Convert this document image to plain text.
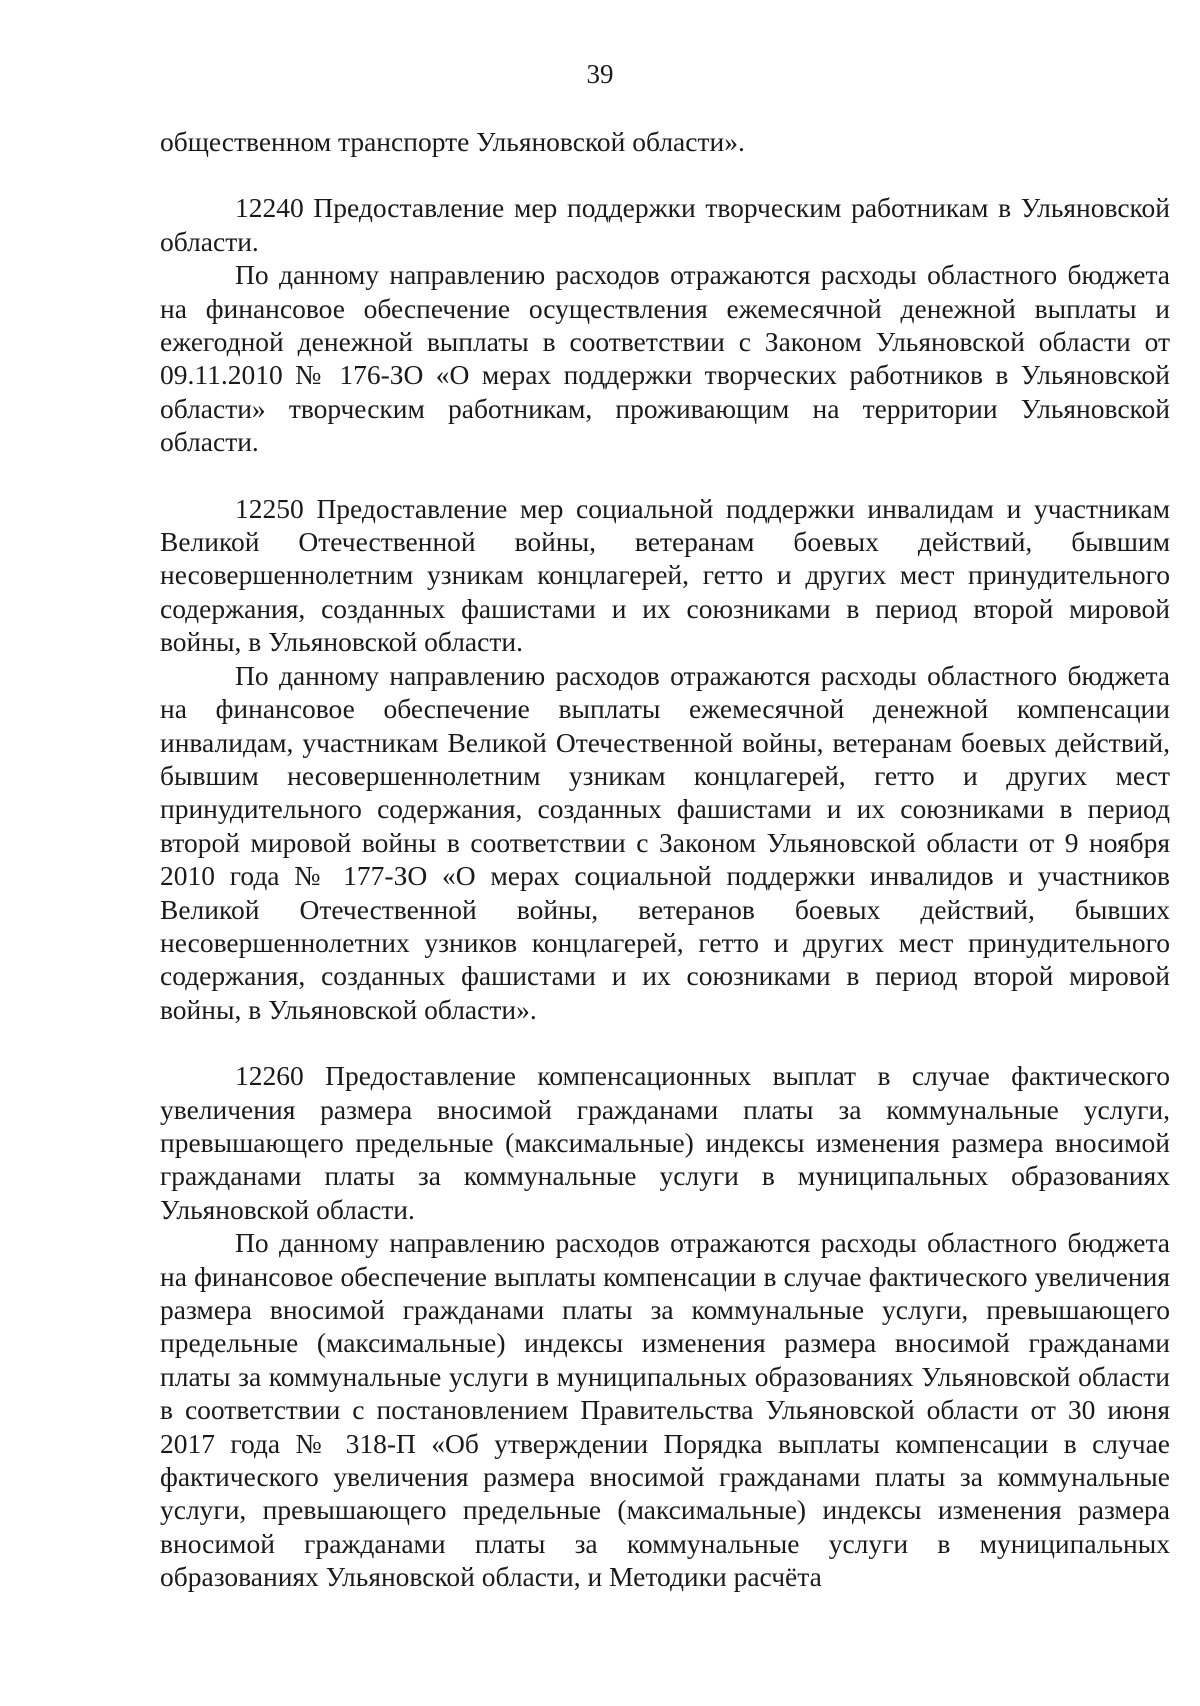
39

общественном транспорте Ульяновской области».

12240 Предоставление мер поддержки творческим работникам в Ульяновской области.

По данному направлению расходов отражаются расходы областного бюджета на финансовое обеспечение осуществления ежемесячной денежной выплаты и ежегодной денежной выплаты в соответствии с Законом Ульяновской области от 09.11.2010 № 176-ЗО «О мерах поддержки творческих работников в Ульяновской области» творческим работникам, проживающим на территории Ульяновской области.

12250 Предоставление мер социальной поддержки инвалидам и участникам Великой Отечественной войны, ветеранам боевых действий, бывшим несовершеннолетним узникам концлагерей, гетто и других мест принудительного содержания, созданных фашистами и их союзниками в период второй мировой войны, в Ульяновской области.

По данному направлению расходов отражаются расходы областного бюджета на финансовое обеспечение выплаты ежемесячной денежной компенсации инвалидам, участникам Великой Отечественной войны, ветеранам боевых действий, бывшим несовершеннолетним узникам концлагерей, гетто и других мест принудительного содержания, созданных фашистами и их союзниками в период второй мировой войны в соответствии с Законом Ульяновской области от 9 ноября 2010 года № 177-ЗО «О мерах социальной поддержки инвалидов и участников Великой Отечественной войны, ветеранов боевых действий, бывших несовершеннолетних узников концлагерей, гетто и других мест принудительного содержания, созданных фашистами и их союзниками в период второй мировой войны, в Ульяновской области».

12260 Предоставление компенсационных выплат в случае фактического увеличения размера вносимой гражданами платы за коммунальные услуги, превышающего предельные (максимальные) индексы изменения размера вносимой гражданами платы за коммунальные услуги в муниципальных образованиях Ульяновской области.

По данному направлению расходов отражаются расходы областного бюджета на финансовое обеспечение выплаты компенсации в случае фактического увеличения размера вносимой гражданами платы за коммунальные услуги, превышающего предельные (максимальные) индексы изменения размера вносимой гражданами платы за коммунальные услуги в муниципальных образованиях Ульяновской области в соответствии с постановлением Правительства Ульяновской области от 30 июня 2017 года № 318-П «Об утверждении Порядка выплаты компенсации в случае фактического увеличения размера вносимой гражданами платы за коммунальные услуги, превышающего предельные (максимальные) индексы изменения размера вносимой гражданами платы за коммунальные услуги в муниципальных образованиях Ульяновской области, и Методики расчёта
